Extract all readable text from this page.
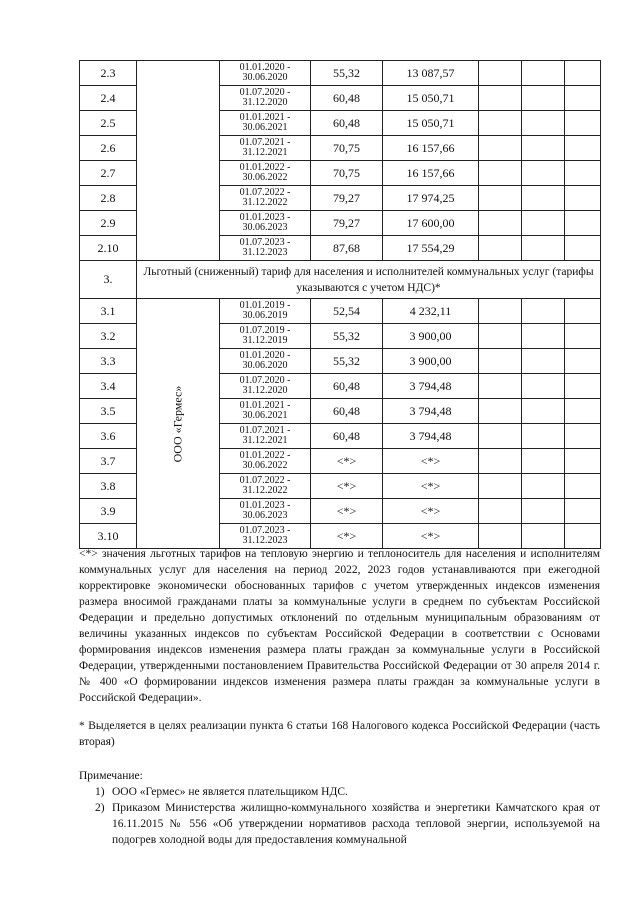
2.3		01.01.2020 - 30.06.2020	55,32	13 087,57			
2.4		01.07.2020 - 31.12.2020	60,48	15 050,71			
2.5		01.01.2021 - 30.06.2021	60,48	15 050,71			
2.6		01.07.2021 - 31.12.2021	70,75	16 157,66			
2.7		01.01.2022 - 30.06.2022	70,75	16 157,66			
2.8		01.07.2022 - 31.12.2022	79,27	17 974,25			
2.9		01.01.2023 - 30.06.2023	79,27	17 600,00			
2.10		01.07.2023 - 31.12.2023	87,68	17 554,29			
3.	Льготный (сниженный) тариф для населения и исполнителей коммунальных услуг (тарифы указываются с учетом НДС)*						
3.1	ООО «Гермес»	01.01.2019 - 30.06.2019	52,54	4 232,11			
3.2		01.07.2019 - 31.12.2019	55,32	3 900,00			
3.3		01.01.2020 - 30.06.2020	55,32	3 900,00			
3.4		01.07.2020 - 31.12.2020	60,48	3 794,48			
3.5		01.01.2021 - 30.06.2021	60,48	3 794,48			
3.6		01.07.2021 - 31.12.2021	60,48	3 794,48			
3.7		01.01.2022 - 30.06.2022	<*>	<*>			
3.8		01.07.2022 - 31.12.2022	<*>	<*>			
3.9		01.01.2023 - 30.06.2023	<*>	<*>			
3.10		01.07.2023 - 31.12.2023	<*>	<*>			

<*> значения льготных тарифов на тепловую энергию и теплоноситель для населения и исполнителям коммунальных услуг для населения на период 2022, 2023 годов устанавливаются при ежегодной корректировке экономически обоснованных тарифов с учетом утвержденных индексов изменения размера вносимой гражданами платы за коммунальные услуги в среднем по субъектам Российской Федерации и предельно допустимых отклонений по отдельным муниципальным образованиям от величины указанных индексов по субъектам Российской Федерации в соответствии с Основами формирования индексов изменения размера платы граждан за коммунальные услуги в Российской Федерации, утвержденными постановлением Правительства Российской Федерации от 30 апреля 2014 г. № 400 «О формировании индексов изменения размера платы граждан за коммунальные услуги в Российской Федерации».

* Выделяется в целях реализации пункта 6 статьи 168 Налогового кодекса Российской Федерации (часть вторая)

Примечание:

1) ООО «Гермес» не является плательщиком НДС.
2) Приказом Министерства жилищно-коммунального хозяйства и энергетики Камчатского края от 16.11.2015 № 556 «Об утверждении нормативов расхода тепловой энергии, используемой на подогрев холодной воды для предоставления коммунальной
